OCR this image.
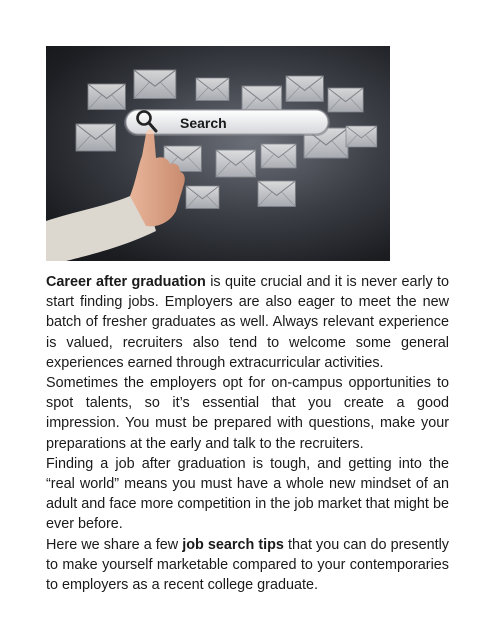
Search

Career after graduation is quite crucial and it is never early to start finding jobs. Employers are also eager to meet the new batch of fresher graduates as well. Always relevant experience is valued, recruiters also tend to welcome some general experiences earned through extracurricular activities.

Sometimes the employers opt for on-campus opportunities to spot talents, so it’s essential that you create a good impression. You must be prepared with questions, make your preparations at the early and talk to the recruiters.

Finding a job after graduation is tough, and getting into the “real world” means you must have a whole new mindset of an adult and face more competition in the job market that might be ever before.

Here we share a few job search tips that you can do presently to make yourself marketable compared to your contemporaries to employers as a recent college graduate.
